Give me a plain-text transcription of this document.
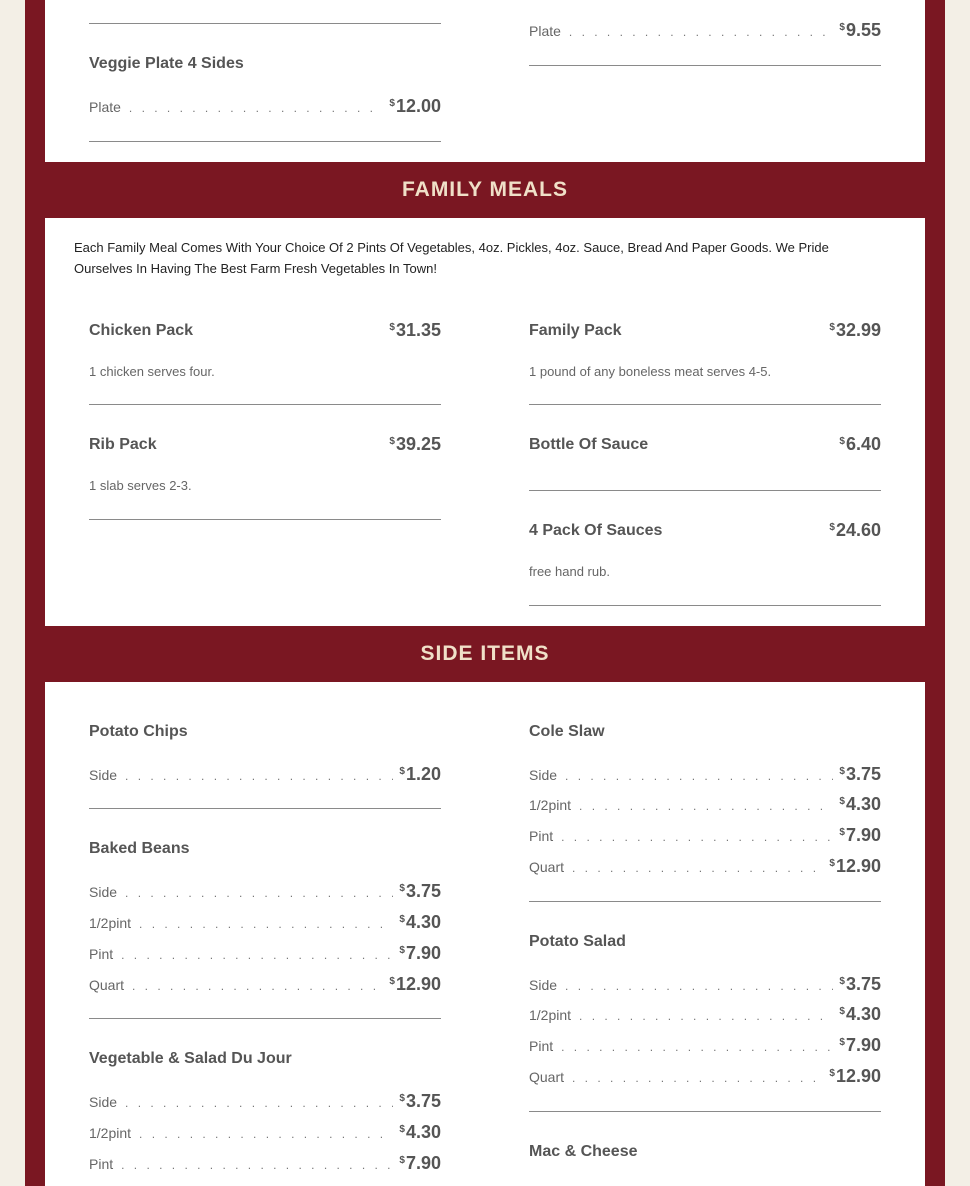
Plate . . .	$9.55
Veggie Plate 4 Sides
Plate . . .	$12.00
FAMILY MEALS
Each Family Meal Comes With Your Choice Of 2 Pints Of Vegetables, 4oz. Pickles, 4oz. Sauce, Bread And Paper Goods. We Pride Ourselves In Having The Best Farm Fresh Vegetables In Town!
Chicken Pack	$31.35
1 chicken serves four.
Family Pack	$32.99
1 pound of any boneless meat serves 4-5.
Rib Pack	$39.25
1 slab serves 2-3.
Bottle Of Sauce	$6.40
4 Pack Of Sauces	$24.60
free hand rub.
SIDE ITEMS
Potato Chips
Side . . .	$1.20
Cole Slaw
Side . . .	$3.75
1/2pint . . .	$4.30
Pint . . .	$7.90
Quart . . .	$12.90
Baked Beans
Side . . .	$3.75
1/2pint . . .	$4.30
Pint . . .	$7.90
Quart . . .	$12.90
Potato Salad
Side . . .	$3.75
1/2pint . . .	$4.30
Pint . . .	$7.90
Quart . . .	$12.90
Vegetable & Salad Du Jour
Side . . .	$3.75
1/2pint . . .	$4.30
Pint . . .	$7.90
Mac & Cheese
